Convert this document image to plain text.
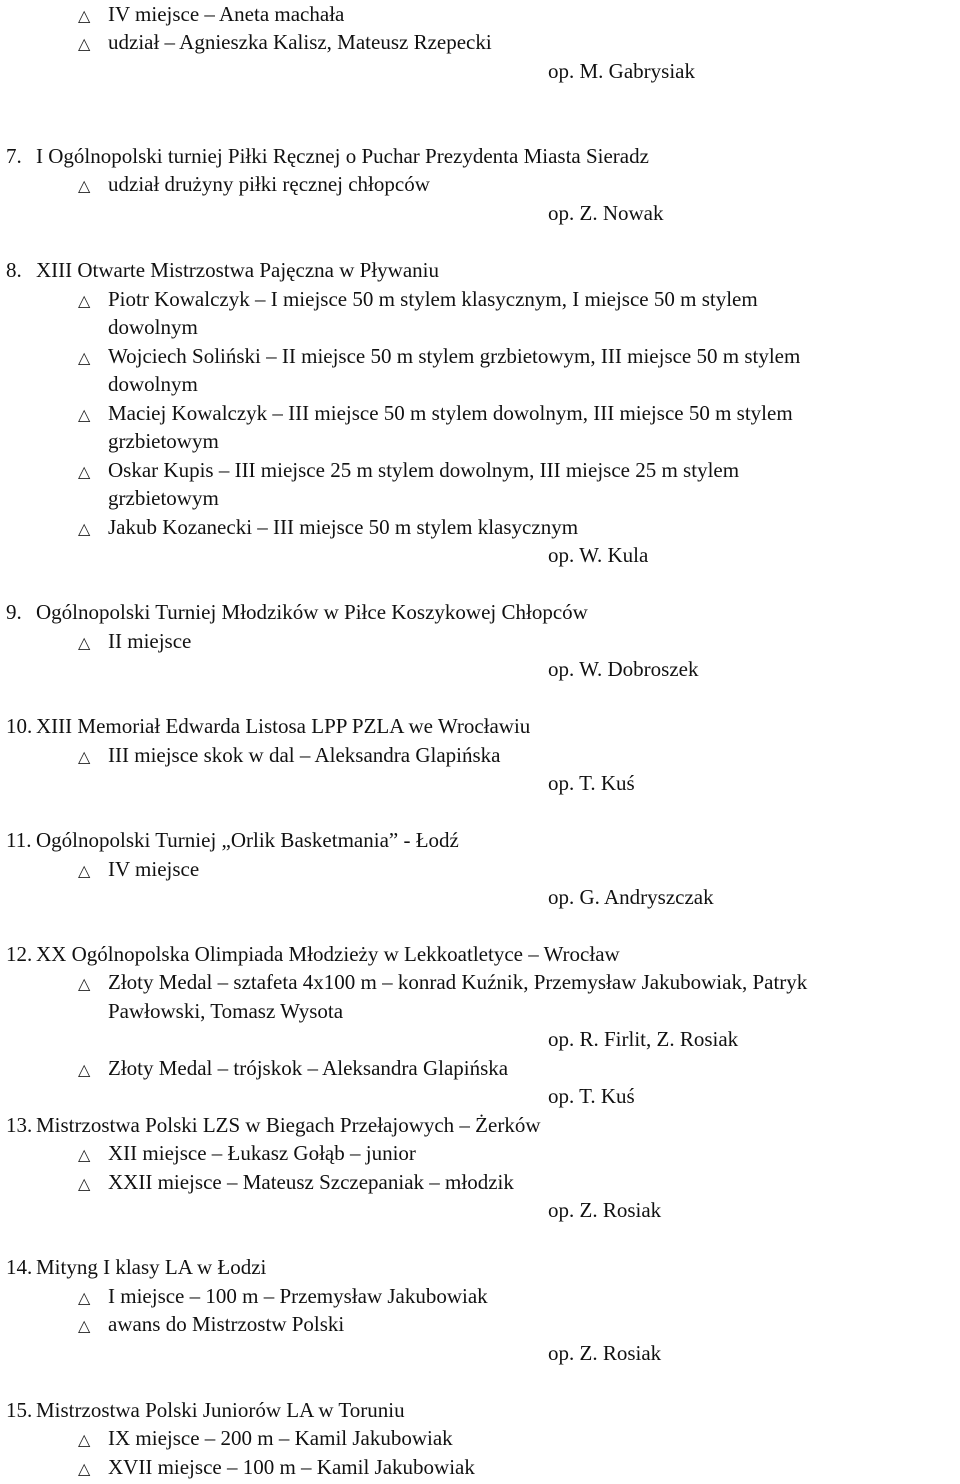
△ IV miejsce – Aneta machała
△ udział – Agnieszka Kalisz, Mateusz Rzepecki
op. M. Gabrysiak
7. I Ogólnopolski turniej Piłki Ręcznej o Puchar Prezydenta Miasta Sieradz
△ udział drużyny piłki ręcznej chłopców
op. Z. Nowak
8. XIII Otwarte Mistrzostwa Pajęczna w Pływaniu
△ Piotr Kowalczyk – I miejsce 50 m stylem klasycznym, I miejsce 50 m stylem
dowolnym
△ Wojciech Soliński – II miejsce 50 m stylem grzbietowym, III miejsce 50 m stylem
dowolnym
△ Maciej Kowalczyk – III miejsce 50 m stylem dowolnym, III miejsce 50 m stylem
grzbietowym
△ Oskar Kupis – III miejsce 25 m stylem dowolnym, III miejsce 25 m stylem
grzbietowym
△ Jakub Kozanecki – III miejsce 50 m stylem klasycznym
op. W. Kula
9. Ogólnopolski Turniej Młodzików w Piłce Koszykowej Chłopców
△ II miejsce
op. W. Dobroszek
10. XIII Memoriał Edwarda Listosa LPP PZLA we Wrocławiu
△ III miejsce skok w dal – Aleksandra Glapińska
op. T. Kuś
11. Ogólnopolski Turniej „Orlik Basketmania” - Łodź
△ IV miejsce
op. G. Andryszczak
12. XX Ogólnopolska Olimpiada Młodzieży w Lekkoatletyce – Wrocław
△ Złoty Medal – sztafeta 4x100 m – konrad Kuźnik, Przemysław Jakubowiak, Patryk
Pawłowski, Tomasz Wysota
op. R. Firlit, Z. Rosiak
△ Złoty Medal – trójskok – Aleksandra Glapińska
op. T. Kuś
13. Mistrzostwa Polski LZS w Biegach Przełajowych – Żerków
△ XII miejsce – Łukasz Gołąb – junior
△ XXII miejsce – Mateusz Szczepaniak – młodzik
op. Z. Rosiak
14. Mityng I klasy LA w Łodzi
△ I miejsce – 100 m – Przemysław Jakubowiak
△ awans do Mistrzostw Polski
op. Z. Rosiak
15. Mistrzostwa Polski Juniorów LA w Toruniu
△ IX miejsce – 200 m – Kamil Jakubowiak
△ XVII miejsce – 100 m – Kamil Jakubowiak
